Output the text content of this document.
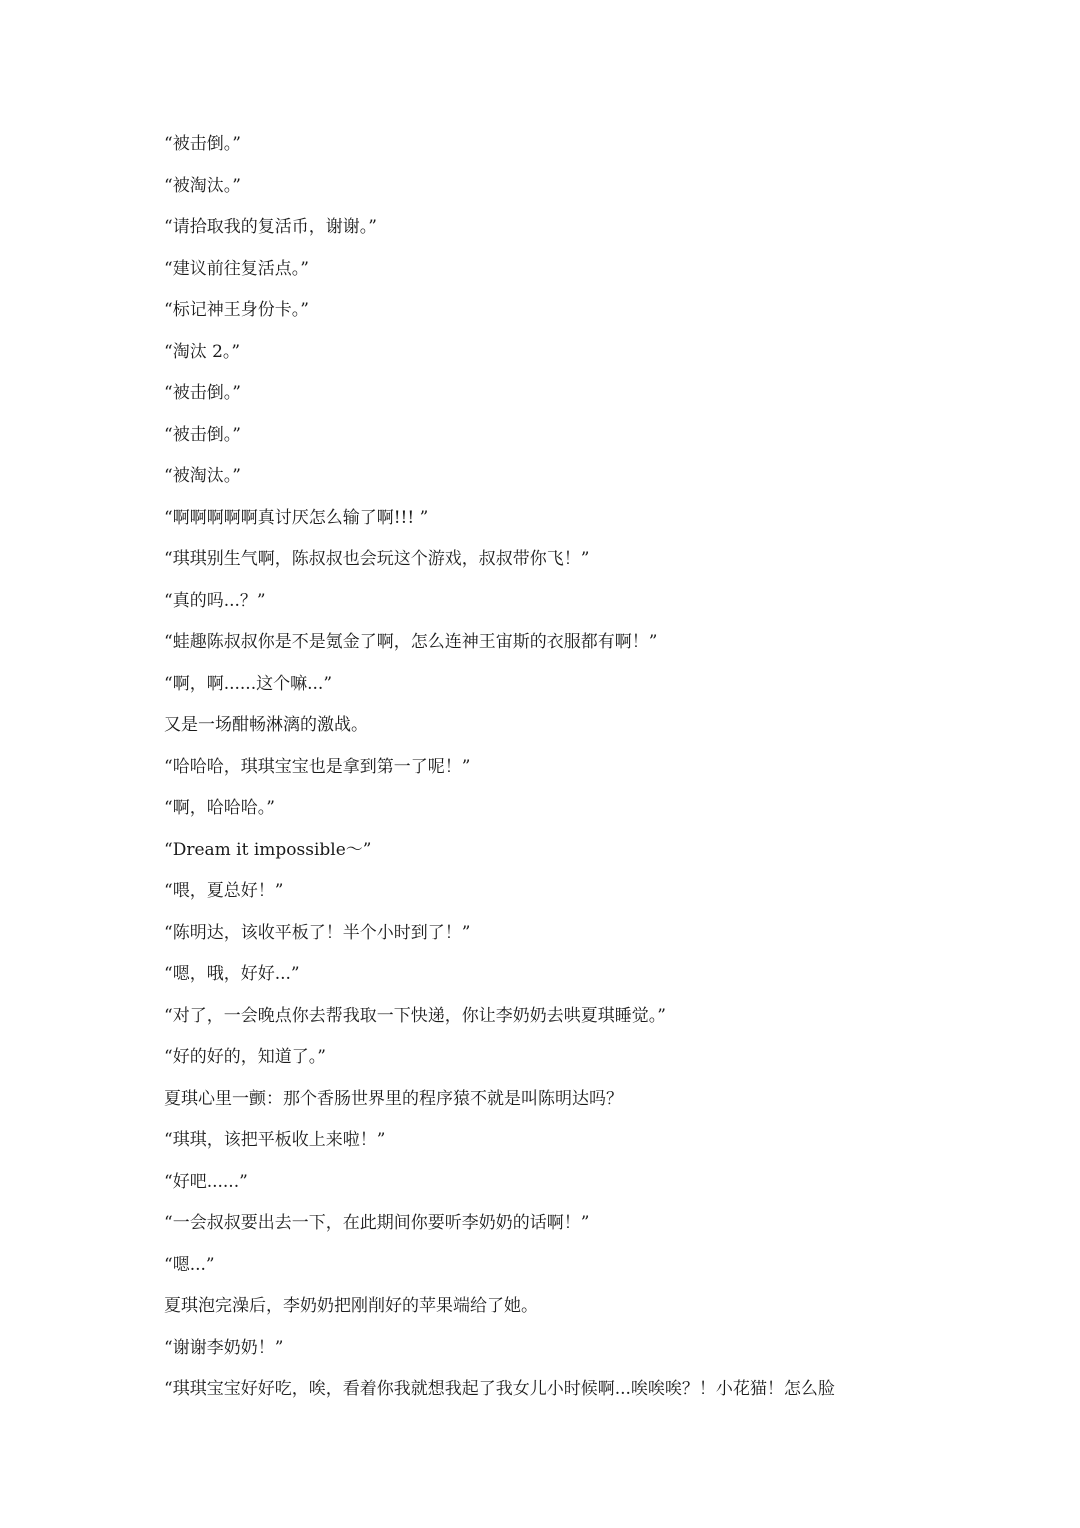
“被击倒。”

“被淘汰。”

“请拾取我的复活币，谢谢。”

“建议前往复活点。”

“标记神王身份卡。”

“淘汰 2。”

“被击倒。”

“被击倒。”

“被淘汰。”

“啊啊啊啊啊真讨厌怎么输了啊!!! ”

“琪琪别生气啊，陈叔叔也会玩这个游戏，叔叔带你飞！”

“真的吗...？”

“蛙趣陈叔叔你是不是氪金了啊，怎么连神王宙斯的衣服都有啊！”

“啊，啊......这个嘛...”

又是一场酣畅淋漓的激战。

“哈哈哈，琪琪宝宝也是拿到第一了呢！”

“啊，哈哈哈。”

“Dream it impossible～”

“喂，夏总好！”

“陈明达，该收平板了！半个小时到了！”

“嗯，哦，好好...”

“对了，一会晚点你去帮我取一下快递，你让李奶奶去哄夏琪睡觉。”

“好的好的，知道了。”

夏琪心里一颤：那个香肠世界里的程序猿不就是叫陈明达吗？

“琪琪，该把平板收上来啦！”

“好吧......”

“一会叔叔要出去一下，在此期间你要听李奶奶的话啊！”

“嗯...”

夏琪泡完澡后，李奶奶把刚削好的苹果端给了她。

“谢谢李奶奶！”

“琪琪宝宝好好吃，唉，看着你我就想我起了我女儿小时候啊...唉唉唉？！小花猫！怎么脸
